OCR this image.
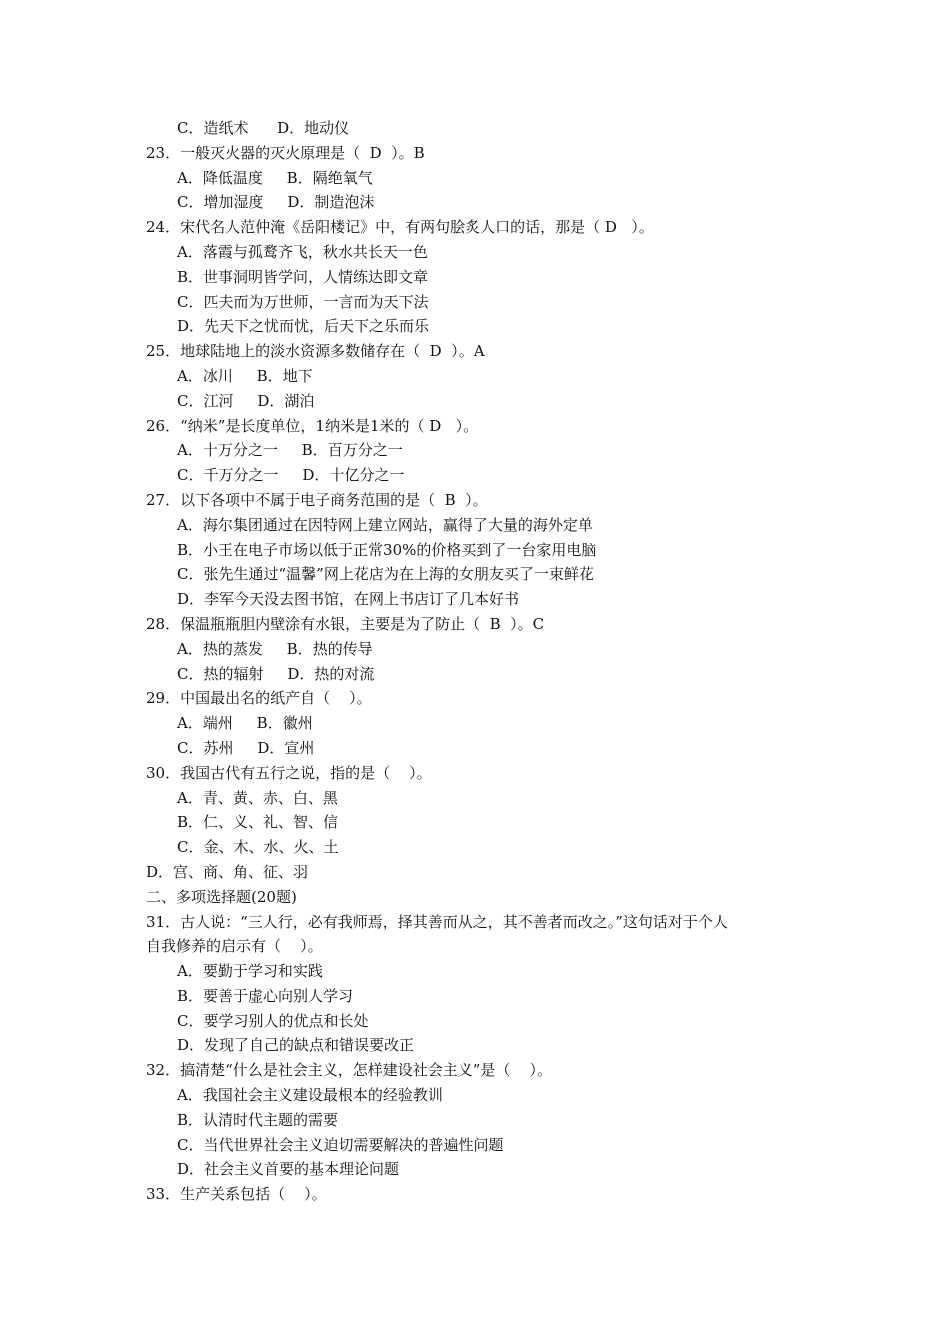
C．造纸术      D．地动仪
23．一般灭火器的灭火原理是（  D  ）。B
A．降低温度     B．隔绝氧气
C．增加湿度     D．制造泡沫
24．宋代名人范仲淹《岳阳楼记》中，有两句脍炙人口的话，那是（ D   ）。
A．落霞与孤鹜齐飞，秋水共长天一色
B．世事洞明皆学问，人情练达即文章
C．匹夫而为万世师，一言而为天下法
D．先天下之忧而忧，后天下之乐而乐
25．地球陆地上的淡水资源多数储存在（  D  ）。A
A．冰川     B．地下
C．江河     D．湖泊
26．“纳米”是长度单位，1纳米是1米的（ D   ）。
A．十万分之一     B．百万分之一
C．千万分之一     D．十亿分之一
27．以下各项中不属于电子商务范围的是（  B  ）。
A．海尔集团通过在因特网上建立网站，赢得了大量的海外定单
B．小王在电子市场以低于正常30%的价格买到了一台家用电脑
C．张先生通过“温馨”网上花店为在上海的女朋友买了一束鲜花
D．李军今天没去图书馆，在网上书店订了几本好书
28．保温瓶瓶胆内壁涂有水银，主要是为了防止（  B  ）。C
A．热的蒸发     B．热的传导
C．热的辐射     D．热的对流
29．中国最出名的纸产自（    ）。
A．端州     B．徽州
C．苏州     D．宣州
30．我国古代有五行之说，指的是（    ）。
A．青、黄、赤、白、黑
B．仁、义、礼、智、信
C．金、木、水、火、土
D．宫、商、角、征、羽
二、多项选择题(20题)
31．古人说：“三人行，必有我师焉，择其善而从之，其不善者而改之。”这句话对于个人
自我修养的启示有（    ）。
A．要勤于学习和实践
B．要善于虚心向别人学习
C．要学习别人的优点和长处
D．发现了自己的缺点和错误要改正
32．搞清楚“什么是社会主义，怎样建设社会主义”是（    ）。
A．我国社会主义建设最根本的经验教训
B．认清时代主题的需要
C．当代世界社会主义迫切需要解决的普遍性问题
D．社会主义首要的基本理论问题
33．生产关系包括（    ）。
